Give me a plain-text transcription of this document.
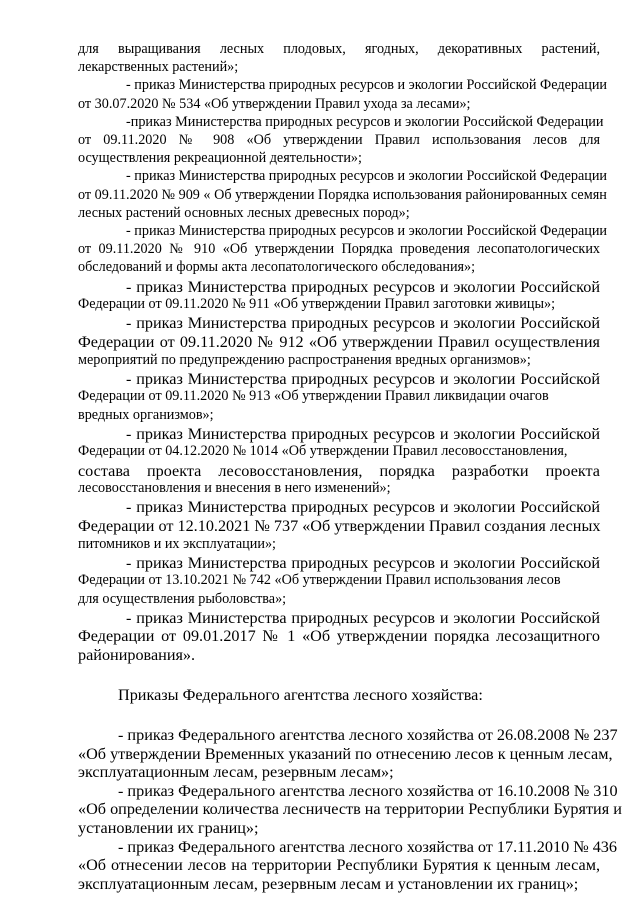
для выращивания лесных плодовых, ягодных, декоративных растений,
лекарственных растений»;
- приказ Министерства природных ресурсов и экологии Российской Федерации
от 30.07.2020 № 534 «Об утверждении Правил ухода за лесами»;
-приказ Министерства природных ресурсов и экологии Российской Федерации
от 09.11.2020 № 908 «Об утверждении Правил использования лесов для
осуществления рекреационной деятельности»;
- приказ Министерства природных ресурсов и экологии Российской Федерации
от 09.11.2020 № 909 « Об утверждении Порядка использования районированных семян
лесных растений основных лесных древесных пород»;
- приказ Министерства природных ресурсов и экологии Российской Федерации
от 09.11.2020 № 910 «Об утверждении Порядка проведения лесопатологических
обследований и формы акта лесопатологического обследования»;
- приказ Министерства природных ресурсов и экологии Российской
Федерации от 09.11.2020 № 911 «Об утверждении Правил заготовки живицы»;
- приказ Министерства природных ресурсов и экологии Российской
Федерации от 09.11.2020 № 912 «Об утверждении Правил осуществления
мероприятий по предупреждению распространения вредных организмов»;
- приказ Министерства природных ресурсов и экологии Российской
Федерации от 09.11.2020 № 913 «Об утверждении Правил ликвидации очагов
вредных организмов»;
- приказ Министерства природных ресурсов и экологии Российской
Федерации от 04.12.2020 № 1014 «Об утверждении Правил лесовосстановления,
состава проекта лесовосстановления, порядка разработки проекта
лесовосстановления и внесения в него изменений»;
- приказ Министерства природных ресурсов и экологии Российской
Федерации от 12.10.2021 № 737 «Об утверждении Правил создания лесных
питомников и их эксплуатации»;
- приказ Министерства природных ресурсов и экологии Российской
Федерации от 13.10.2021 № 742 «Об утверждении Правил использования лесов
для осуществления рыболовства»;
- приказ Министерства природных ресурсов и экологии Российской
Федерации от 09.01.2017 № 1 «Об утверждении порядка лесозащитного
районирования».
Приказы Федерального агентства лесного хозяйства:
- приказ Федерального агентства лесного хозяйства от 26.08.2008 № 237
«Об утверждении Временных указаний по отнесению лесов к ценным лесам,
эксплуатационным лесам, резервным лесам»;
- приказ Федерального агентства лесного хозяйства от 16.10.2008 № 310
«Об определении количества лесничеств на территории Республики Бурятия и
установлении их границ»;
- приказ Федерального агентства лесного хозяйства от 17.11.2010 № 436
«Об отнесении лесов на территории Республики Бурятия к ценным лесам,
эксплуатационным лесам, резервным лесам и установлении их границ»;
